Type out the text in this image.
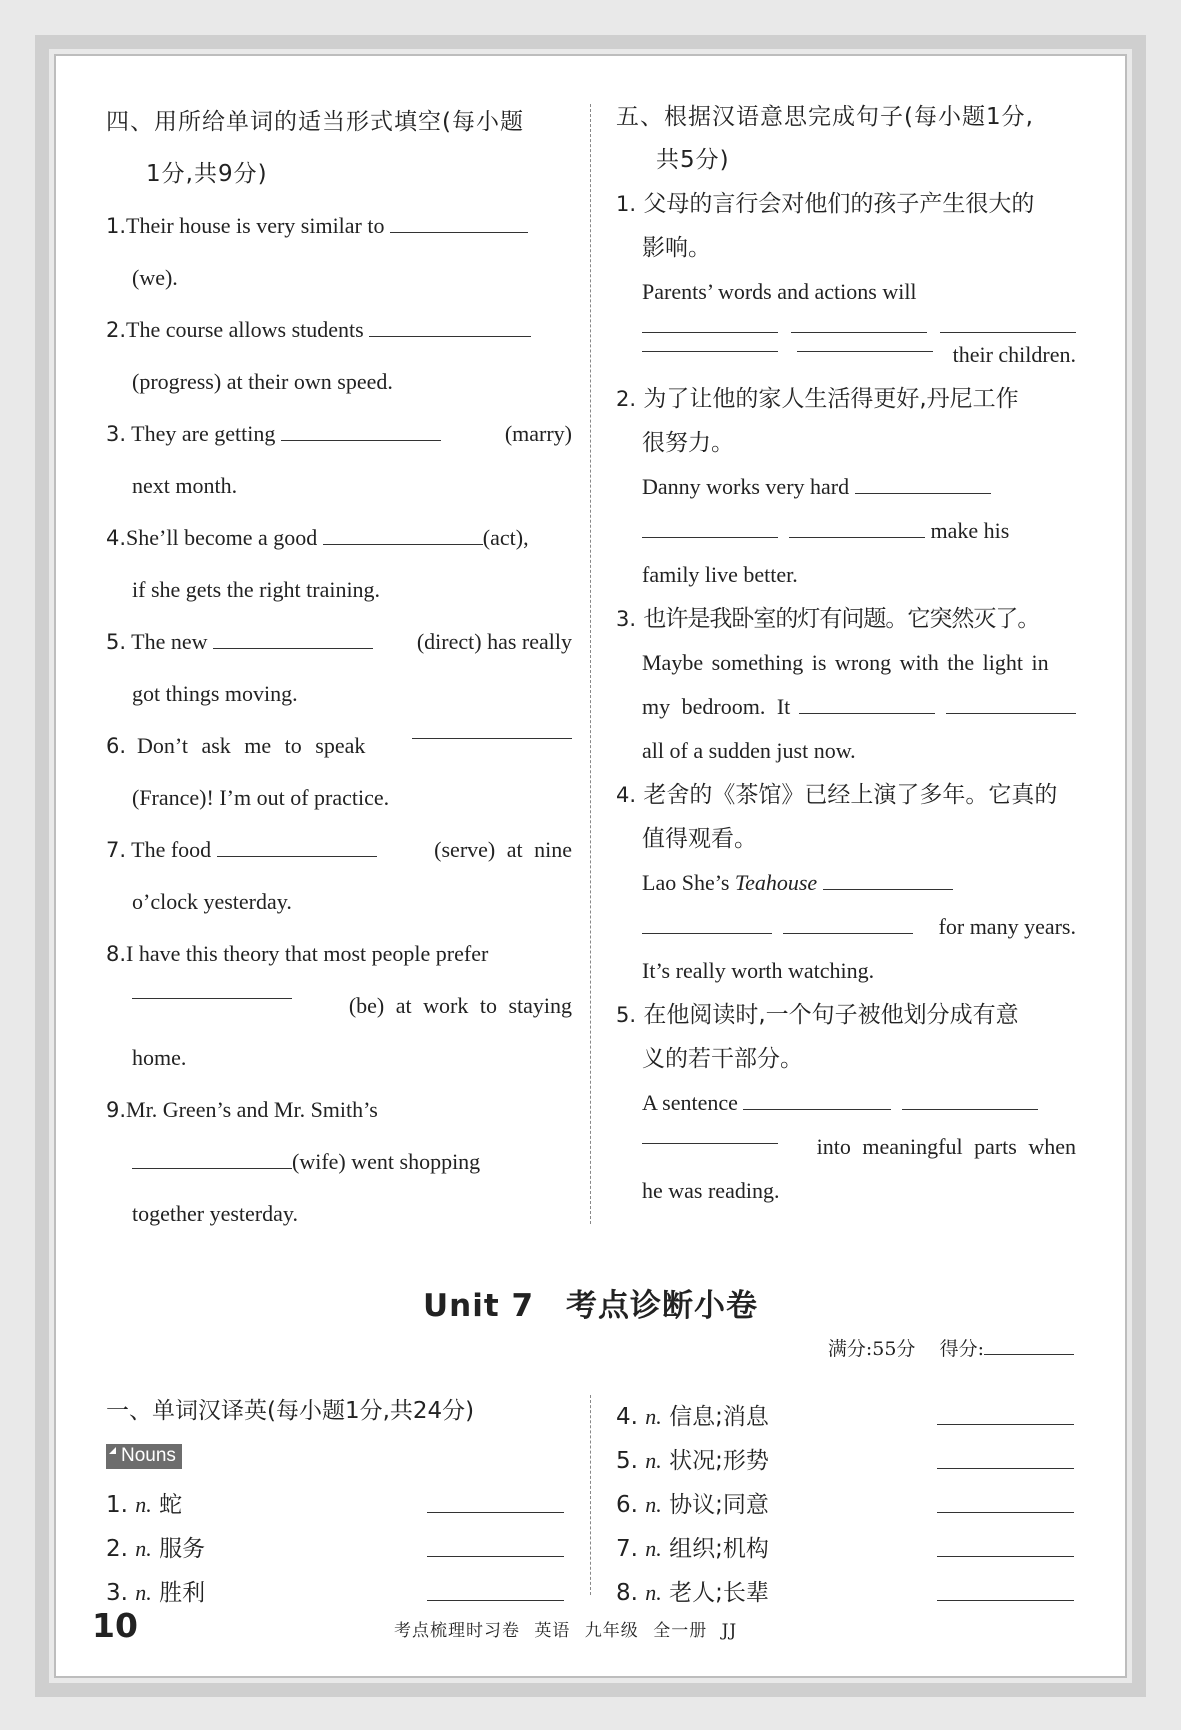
四、用所给单词的适当形式填空(每小题
1分,共9分)
1.Their house is very similar to
(we).
2.The course allows students
(progress) at their own speed.
3. They are getting	(marry)
next month.
4.She’ll become a good	(act),
if she gets the right training.
5. The new	(direct) has really
got things moving.
6. Don’t ask me to speak
(France)! I’m out of practice.
7. The food	(serve) at nine
o’clock yesterday.
8.I have this theory that most people prefer
(be) at work to staying
home.
9.Mr. Green’s and Mr. Smith’s
(wife) went shopping
together yesterday.
五、根据汉语意思完成句子(每小题1分,
共5分)
1. 父母的言行会对他们的孩子产生很大的
影响。
Parents’ words and actions will
their children.
2. 为了让他的家人生活得更好,丹尼工作
很努力。
Danny works very hard
make his
family live better.
3. 也许是我卧室的灯有问题。它突然灭了。
Maybe something is wrong with the light in
my bedroom. It

all of a sudden just now.
4. 老舍的《茶馆》已经上演了多年。它真的
值得观看。
Lao She’s Teahouse

for many years.
It’s really worth watching.
5. 在他阅读时,一个句子被他划分成有意
义的若干部分。
A sentence
into meaningful parts when
he was reading.
Unit 7　考点诊断小卷
满分:55分 得分:
一、单词汉译英(每小题1分,共24分)
Nouns
1. n. 蛇
2. n. 服务
3. n. 胜利
4. n. 信息;消息
5. n. 状况;形势
6. n. 协议;同意
7. n. 组织;机构
8. n. 老人;长辈
10	考点梳理时习卷 英语 九年级 全一册 JJ
